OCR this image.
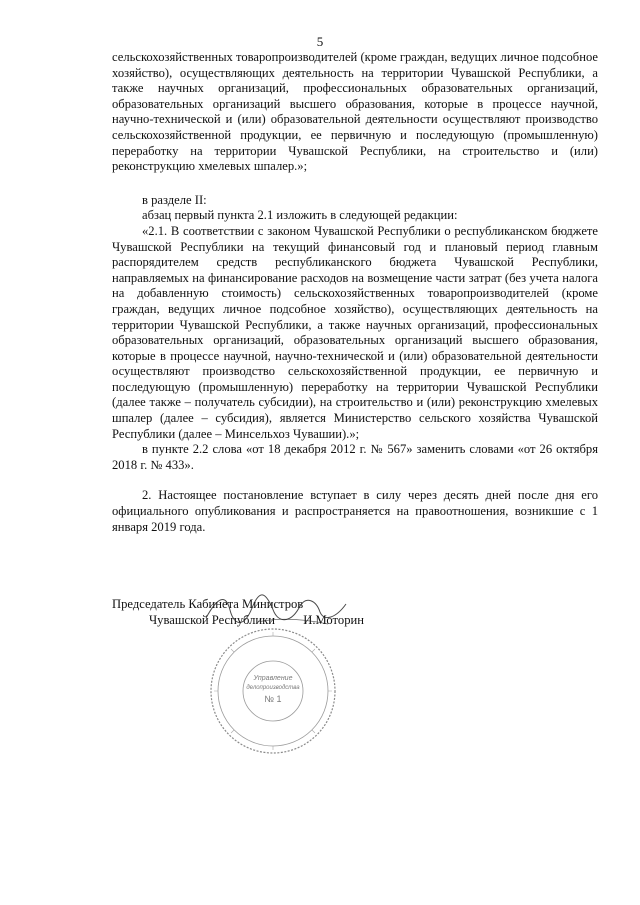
5

сельскохозяйственных товаропроизводителей (кроме граждан, ведущих личное подсобное хозяйство), осуществляющих деятельность на территории Чувашской Республики, а также научных организаций, профессиональных образовательных организаций, образовательных организаций высшего образования, которые в процессе научной, научно-технической и (или) образовательной деятельности осуществляют производство сельскохозяйственной продукции, ее первичную и последующую (промышленную) переработку на территории Чувашской Республики, на строительство и (или) реконструкцию хмелевых шпалер.»;

в разделе II:

абзац первый пункта 2.1 изложить в следующей редакции:

«2.1. В соответствии с законом Чувашской Республики о республиканском бюджете Чувашской Республики на текущий финансовый год и плановый период главным распорядителем средств республиканского бюджета Чувашской Республики, направляемых на финансирование расходов на возмещение части затрат (без учета налога на добавленную стоимость) сельскохозяйственных товаропроизводителей (кроме граждан, ведущих личное подсобное хозяйство), осуществляющих деятельность на территории Чувашской Республики, а также научных организаций, профессиональных образовательных организаций, образовательных организаций высшего образования, которые в процессе научной, научно-технической и (или) образовательной деятельности осуществляют производство сельскохозяйственной продукции, ее первичную и последующую (промышленную) переработку на территории Чувашской Республики (далее также – получатель субсидии), на строительство и (или) реконструкцию хмелевых шпалер (далее – субсидия), является Министерство сельского хозяйства Чувашской Республики (далее – Минсельхоз Чувашии).»;

в пункте 2.2 слова «от 18 декабря 2012 г. № 567» заменить словами «от 26 октября 2018 г. № 433».

2. Настоящее постановление вступает в силу через десять дней после дня его официального опубликования и распространяется на правоотношения, возникшие с 1 января 2019 года.

Председатель Кабинета Министров
Чувашской Республики И.Моторин
Управление
делопроизводства
№ 1
